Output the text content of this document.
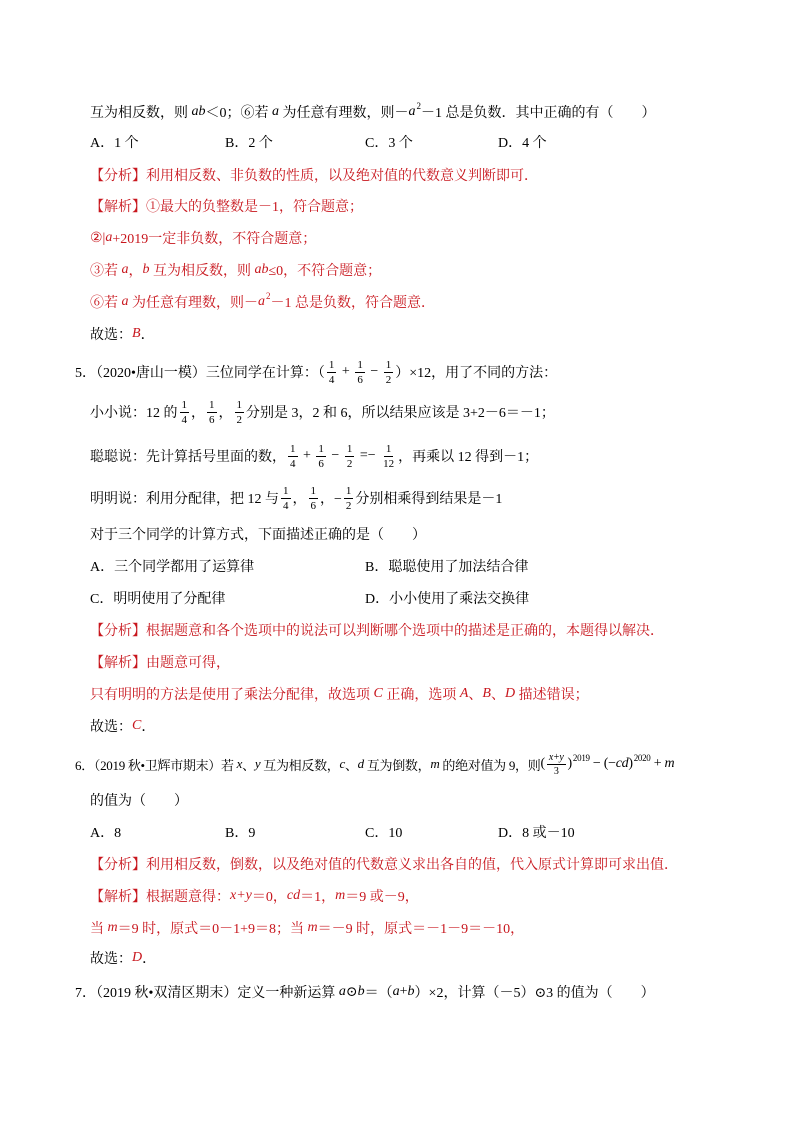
互为相反数，则 ab ＜0；⑥若 a 为任意有理数，则－ a 2 －1 总是负数．其中正确的有（　　）
A．1 个	B．2 个	C．3 个	D．4 个
【分析】利用相反数、非负数的性质，以及绝对值的代数意义判断即可．
【解析】①最大的负整数是－1，符合题意；
②| a +2019一定非负数，不符合题意；
③若 a ， b 互为相反数，则 ab ≤0，不符合题意；
⑥若 a 为任意有理数，则－ a 2 －1 总是负数，符合题意．
故选： B ．
5．（2020•唐山一模）三位同学在计算：（ $\frac{1}{4} + \frac{1}{6} - \frac{1}{2} )\times 12$，用了不同的方法：
小小说：12 的 $\frac{1}{4}$ ， $\frac{1}{6}$ ， $\frac{1}{2}$ 分别是 3，2 和 6，所以结果应该是 3+2－6＝－1；
聪聪说：先计算括号里面的数， $\frac{1}{4} + \frac{1}{6} - \frac{1}{2} =- \frac{1}{12}$ ，再乘以 12 得到－1；
明明说：利用分配律，把 12 与 $\frac{1}{4}$ ， $\frac{1}{6}$ ，− $\frac{1}{2}$ 分别相乘得到结果是－1
对于三个同学的计算方式，下面描述正确的是（　　）
A．三个同学都用了运算律	B．聪聪使用了加法结合律
C．明明使用了分配律	D．小小使用了乘法交换律
【分析】根据题意和各个选项中的说法可以判断哪个选项中的描述是正确的，本题得以解决．
【解析】由题意可得，
只有明明的方法是使用了乘法分配律，故选项 C 正确，选项 A 、 B 、 D 描述错误；
故选： C ．
6．（2019 秋•卫辉市期末）若 x 、 y 互为相反数， c 、 d 互为倒数， m 的绝对值为 9，则 ( $\frac{x+y}{3}$ ) 2019 − (− cd ) 2020 + m
的值为（　　）
A．8	B．9	C．10	D．8 或－10
【分析】利用相反数，倒数，以及绝对值的代数意义求出各自的值，代入原式计算即可求出值．
【解析】根据题意得： x+y ＝0， cd ＝1， m ＝9 或－9，
当 m ＝9 时，原式＝0－1+9＝8；当 m ＝－9 时，原式＝－1－9＝－10，
故选： D ．
7．（2019 秋•双清区期末）定义一种新运算 a ⊙ b ＝（ a + b ）×2，计算（－5）⊙3 的值为（　　）
